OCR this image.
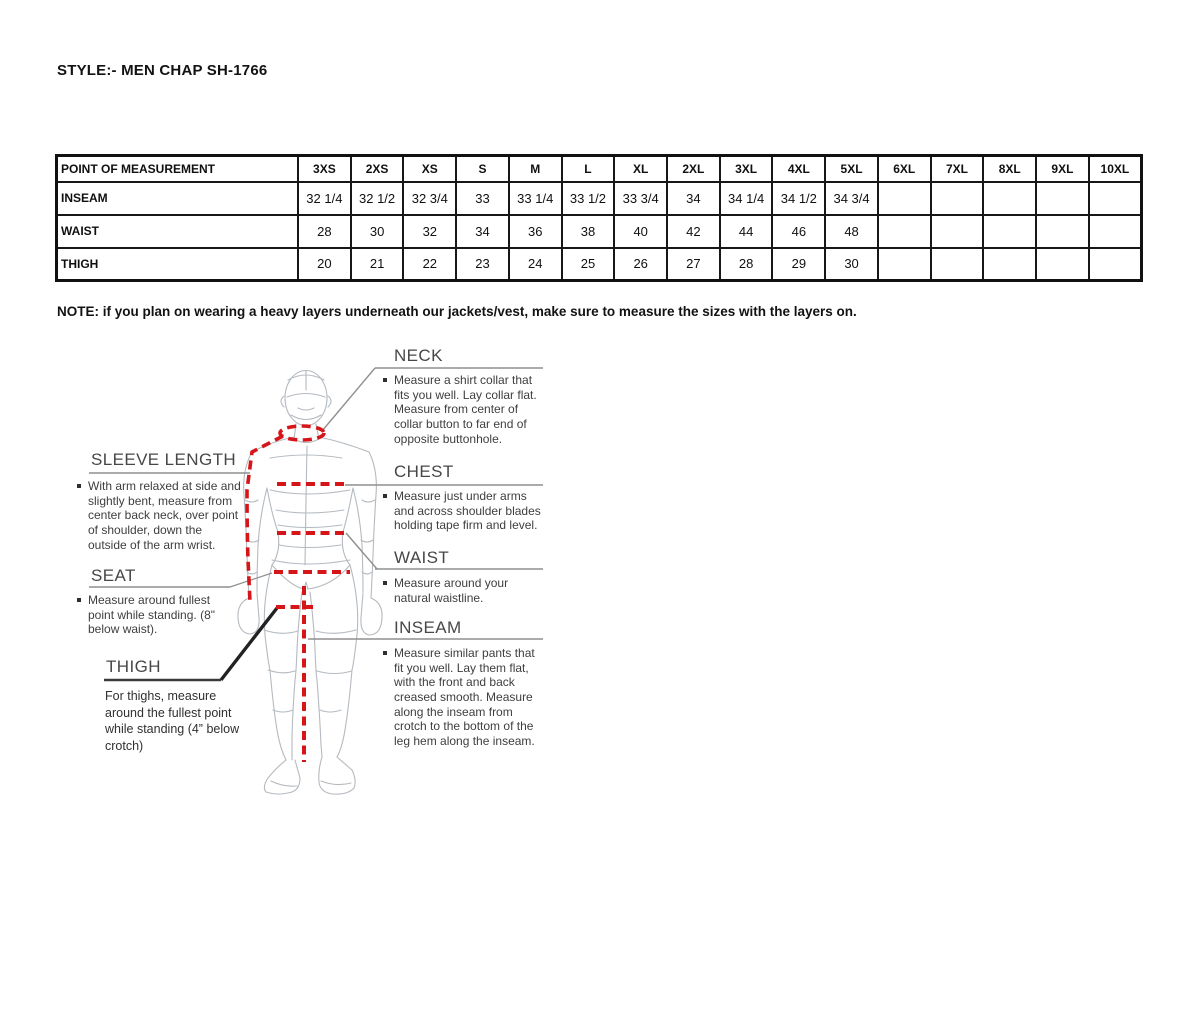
STYLE:- MEN CHAP SH-1766
POINT OF MEASUREMENT	3XS	2XS	XS	S	M	L	XL	2XL	3XL	4XL	5XL	6XL	7XL	8XL	9XL	10XL
INSEAM	32 1/4	32 1/2	32 3/4	33	33 1/4	33 1/2	33 3/4	34	34 1/4	34 1/2	34 3/4					
WAIST	28	30	32	34	36	38	40	42	44	46	48					
THIGH	20	21	22	23	24	25	26	27	28	29	30					
NOTE: if you plan on wearing a heavy layers underneath our jackets/vest, make sure to measure the sizes with the layers on.
NECK
Measure a shirt collar that fits you well. Lay collar flat. Measure from center of collar button to far end of opposite buttonhole.
CHEST
Measure just under arms and across shoulder blades holding tape firm and level.
WAIST
Measure around your natural waistline.
INSEAM
Measure similar pants that fit you well. Lay them flat, with the front and back creased smooth. Measure along the inseam from crotch to the bottom of the leg hem along the inseam.
SLEEVE LENGTH
With arm relaxed at side and slightly bent, measure from center back neck, over point of shoulder, down the outside of the arm wrist.
SEAT
Measure around fullest point while standing. (8" below waist).
THIGH
For thighs, measure around the fullest point while standing (4” below crotch)
